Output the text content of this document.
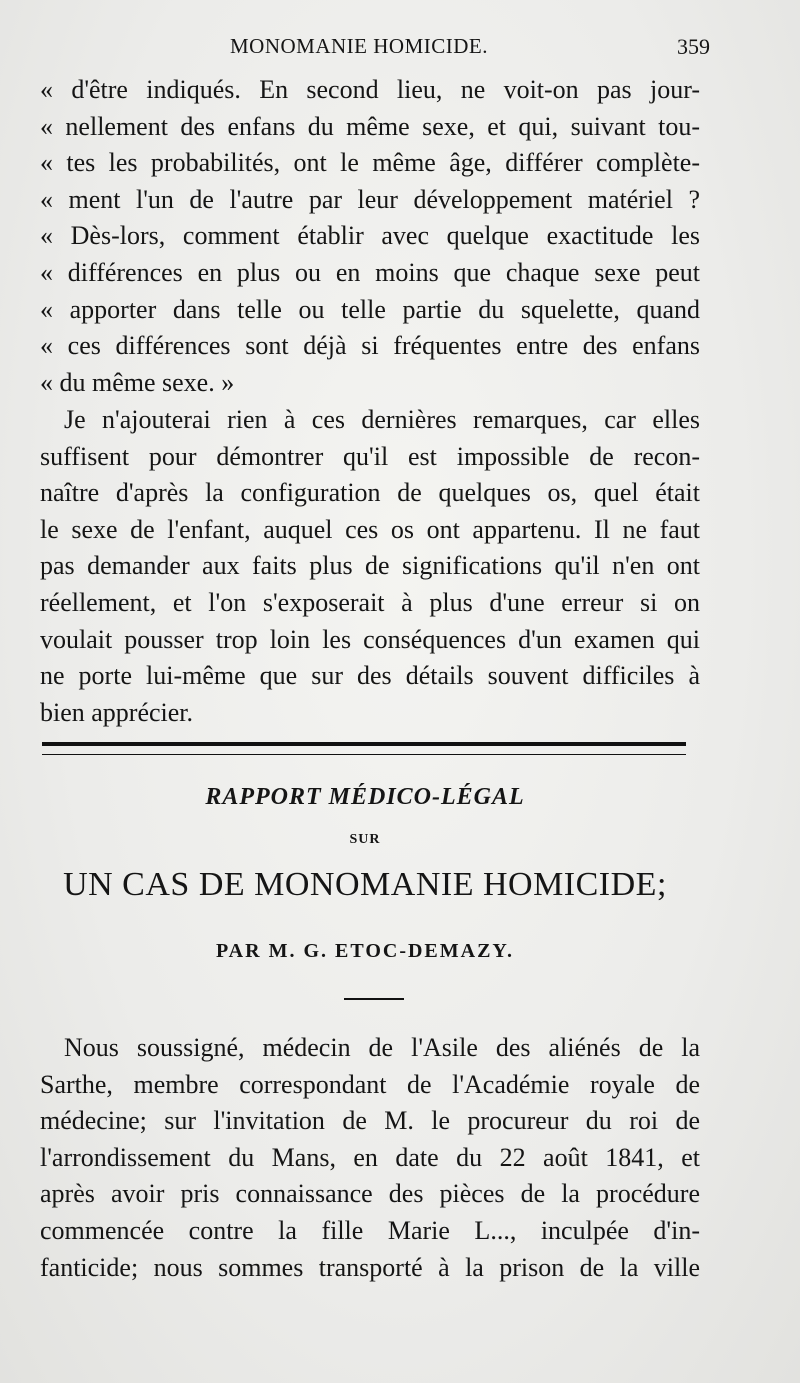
MONOMANIE HOMICIDE.	359
« d'être indiqués. En second lieu, ne voit-on pas jour-
« nellement des enfans du même sexe, et qui, suivant tou-
« tes les probabilités, ont le même âge, différer complète-
« ment l'un de l'autre par leur développement matériel ?
« Dès-lors, comment établir avec quelque exactitude les
« différences en plus ou en moins que chaque sexe peut
« apporter dans telle ou telle partie du squelette, quand
« ces différences sont déjà si fréquentes entre des enfans
« du même sexe. »
Je n'ajouterai rien à ces dernières remarques, car elles
suffisent pour démontrer qu'il est impossible de recon-
naître d'après la configuration de quelques os, quel était
le sexe de l'enfant, auquel ces os ont appartenu. Il ne faut
pas demander aux faits plus de significations qu'il n'en ont
réellement, et l'on s'exposerait à plus d'une erreur si on
voulait pousser trop loin les conséquences d'un examen qui
ne porte lui-même que sur des détails souvent difficiles à
bien apprécier.
RAPPORT MÉDICO-LÉGAL
SUR
UN CAS DE MONOMANIE HOMICIDE;
PAR M. G. ETOC-DEMAZY.
Nous soussigné, médecin de l'Asile des aliénés de la
Sarthe, membre correspondant de l'Académie royale de
médecine; sur l'invitation de M. le procureur du roi de
l'arrondissement du Mans, en date du 22 août 1841, et
après avoir pris connaissance des pièces de la procédure
commencée contre la fille Marie L..., inculpée d'in-
fanticide; nous sommes transporté à la prison de la ville
